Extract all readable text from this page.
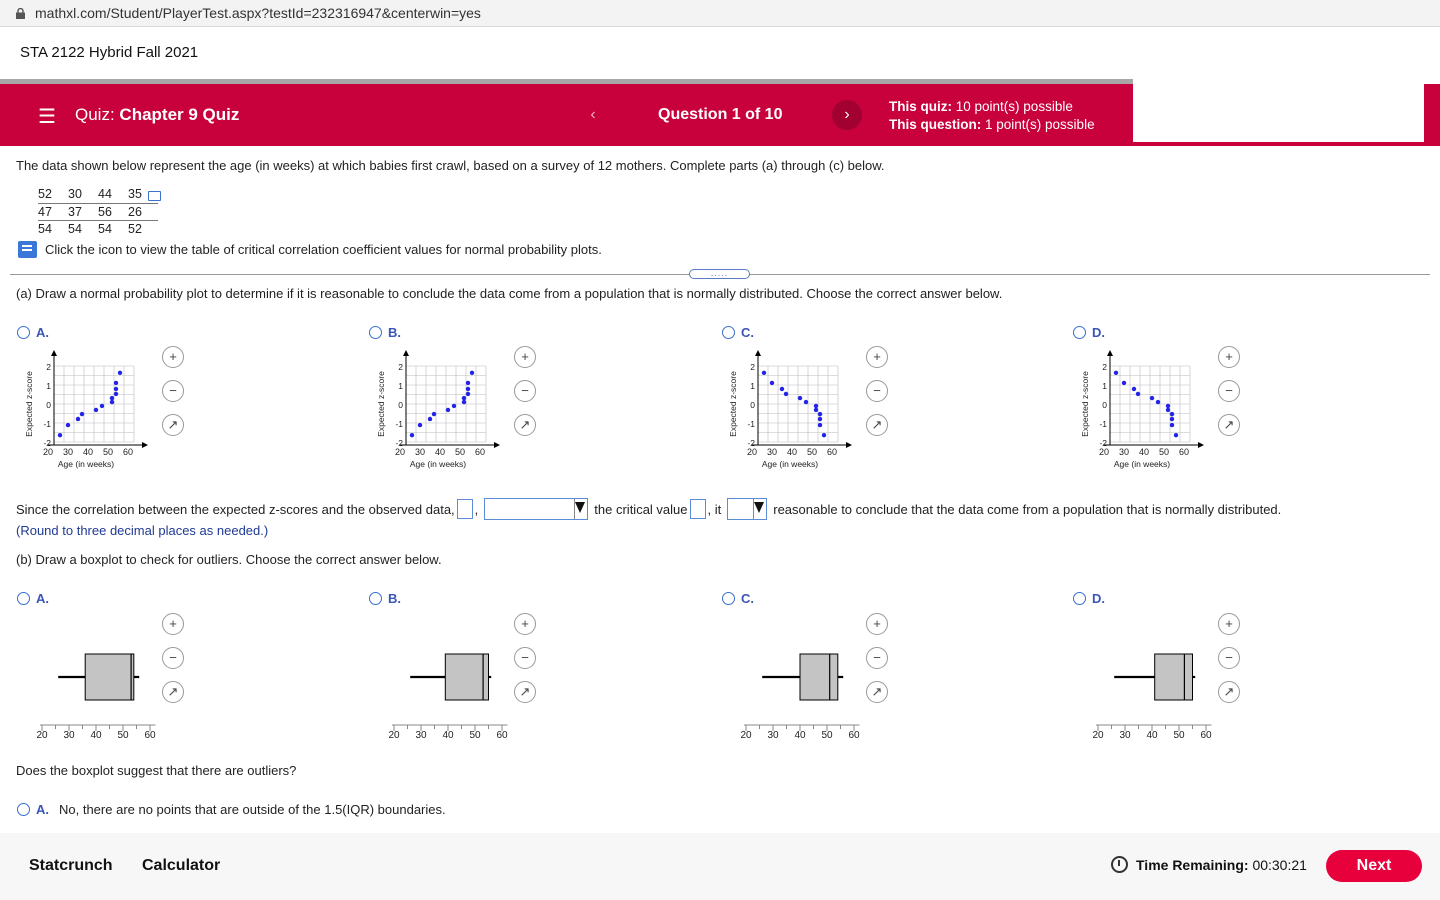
mathxl.com/Student/PlayerTest.aspx?testId=232316947&centerwin=yes
STA 2122 Hybrid Fall 2021
☰ Quiz: Chapter 9 Quiz	‹	Question 1 of 10	›	This quiz: 10 point(s) possible
This question: 1 point(s) possible
The data shown below represent the age (in weeks) at which babies first crawl, based on a survey of 12 mothers. Complete parts (a) through (c) below.
52	30	44	35
47	37	56	26
54	54	54	52
Click the icon to view the table of critical correlation coefficient values for normal probability plots.
.....
(a) Draw a normal probability plot to determine if it is reasonable to conclude the data come from a population that is normally distributed. Choose the correct answer below.
A.	B.	C.	D.
2
1
0
-1
-2
20 30 40 50 60
Age (in weeks)
Expected z-score
+
−
↗
2
1
0
-1
-2
20 30 40 50 60
Age (in weeks)
Expected z-score
+
−
↗
2
1
0
-1
-2
20 30 40 50 60
Age (in weeks)
Expected z-score
+
−
↗
2
1
0
-1
-2
20 30 40 50 60
Age (in weeks)
Expected z-score
+
−
↗
Since the correlation between the expected z-scores and the observed data, ,	the critical value , it	reasonable to conclude that the data come from a population that is normally distributed.
(Round to three decimal places as needed.)
(b) Draw a boxplot to check for outliers. Choose the correct answer below.
A.	B.	C.	D.
20 30 40 50 60
+
−
↗
20 30 40 50 60
+
−
↗
20 30 40 50 60
+
−
↗
20 30 40 50 60
+
−
↗
Does the boxplot suggest that there are outliers?
A. No, there are no points that are outside of the 1.5(IQR) boundaries.
Statcrunch Calculator	Time Remaining:
00:30:21	Next
